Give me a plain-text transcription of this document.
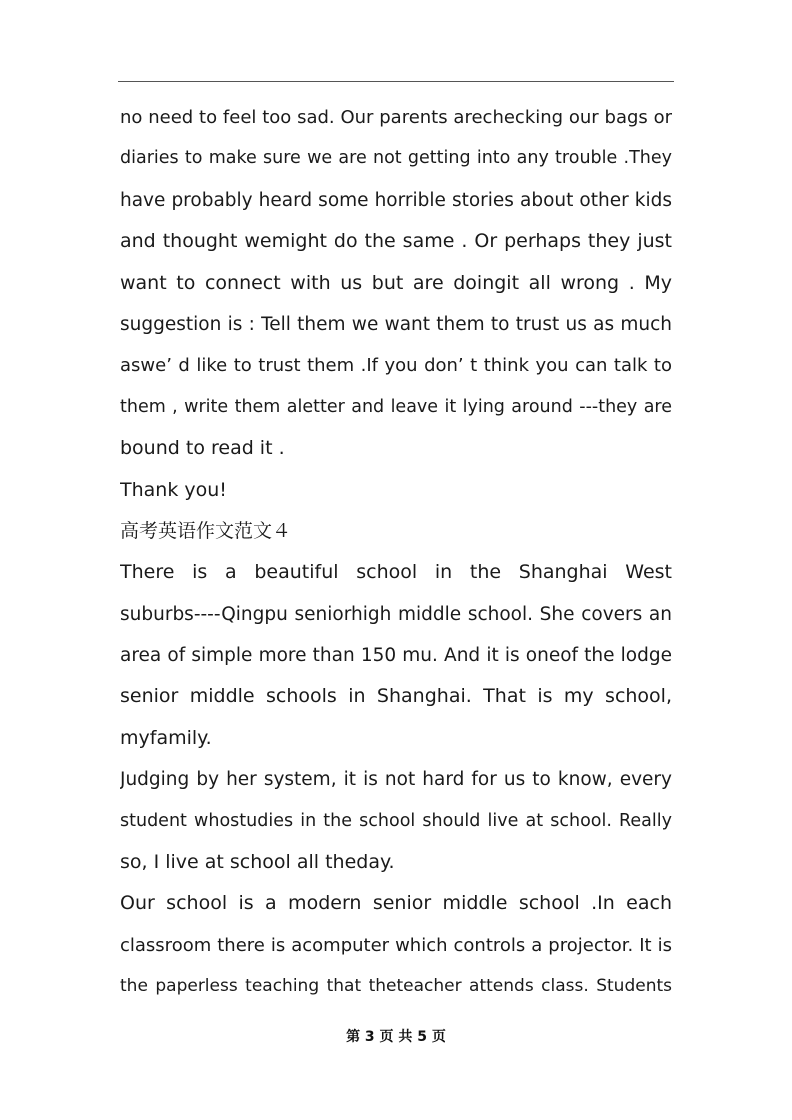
no need to feel too sad. Our parents arechecking our bags or
diaries to make sure we are not getting into any trouble .They
have probably heard some horrible stories about other kids
and thought wemight do the same . Or perhaps they just
want to connect with us but are doingit all wrong . My
suggestion is : Tell them we want them to trust us as much
aswe’ d like to trust them .If you don’ t think you can talk to
them , write them aletter and leave it lying around ---they are
bound to read it .
Thank you!
高考英语作文范文４
There is a beautiful school in the Shanghai West
suburbs----Qingpu seniorhigh middle school. She covers an
area of simple more than 150 mu. And it is oneof the lodge
senior middle schools in Shanghai. That is my school,
myfamily.
Judging by her system, it is not hard for us to know, every
student whostudies in the school should live at school. Really
so, I live at school all theday.
Our school is a modern senior middle school .In each
classroom there is acomputer which controls a projector. It is
the paperless teaching that theteacher attends class. Students
第 3 页 共 5 页
